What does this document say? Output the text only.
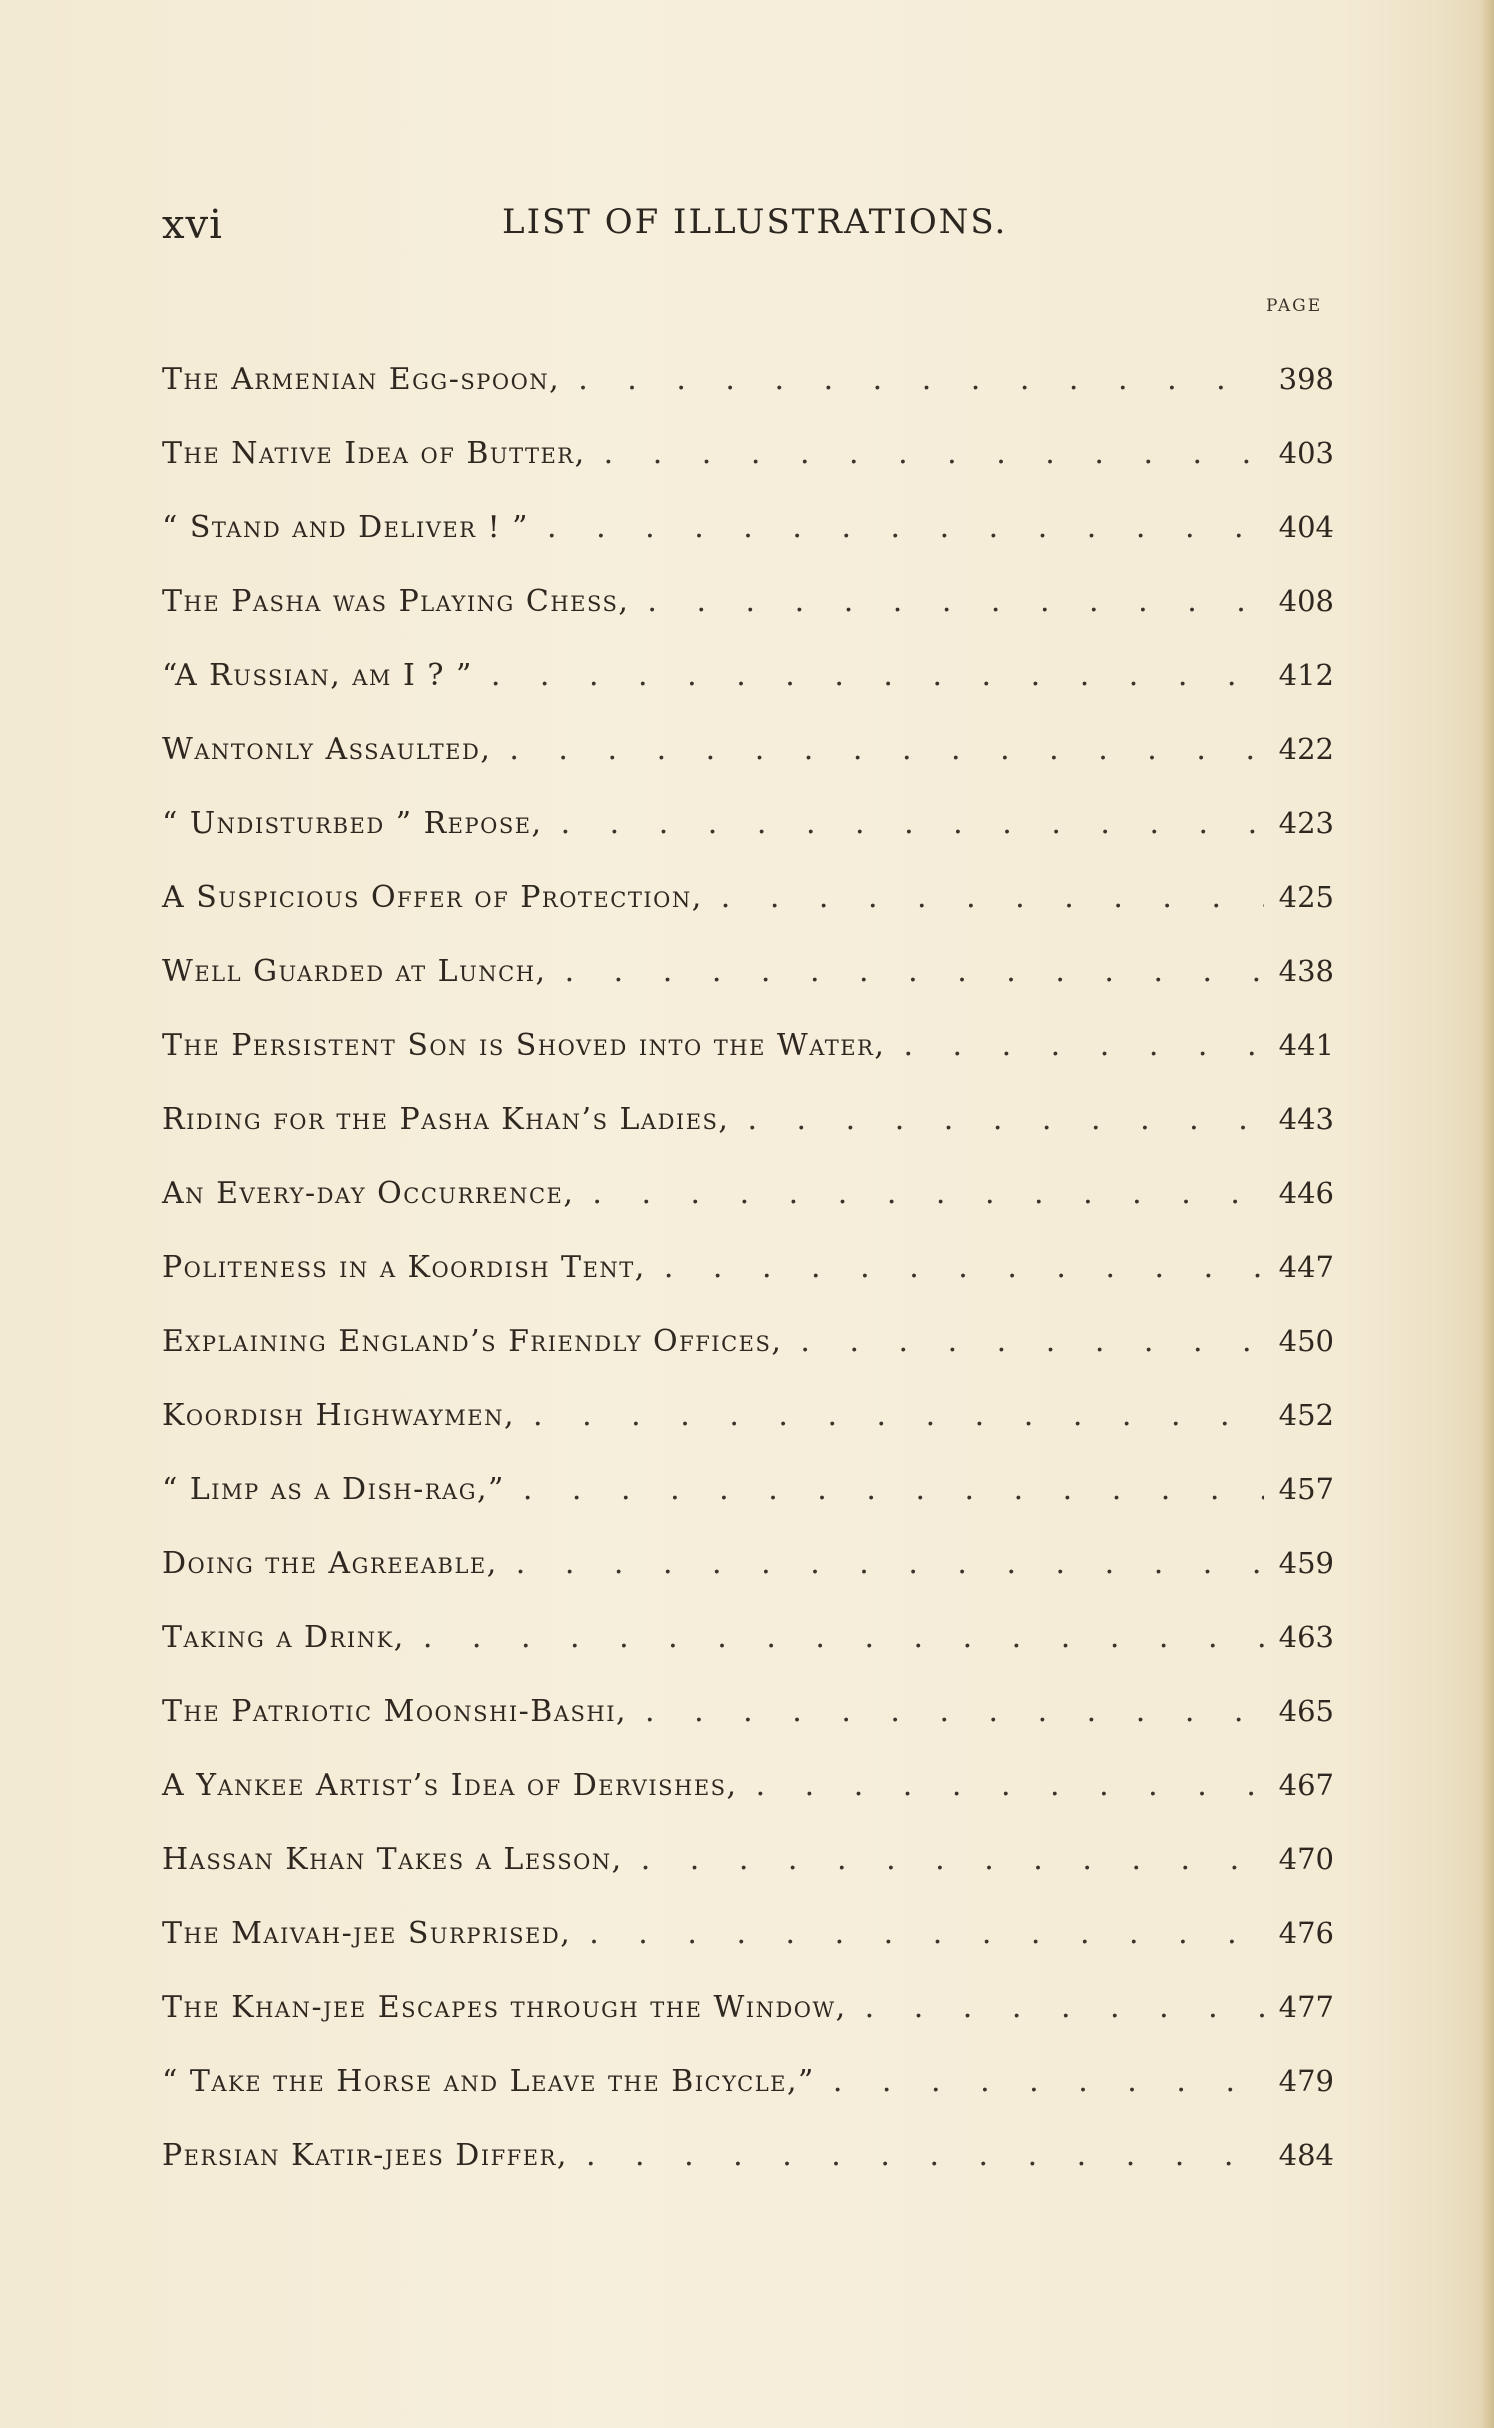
xvi	LIST OF ILLUSTRATIONS.
PAGE
The Armenian Egg-spoon, . . .	398
The Native Idea of Butter, . . .	403
“ Stand and Deliver ! ” . . .	404
The Pasha was Playing Chess, . . .	408
“A Russian, am I ? ” . . .	412
Wantonly Assaulted, . . .	422
“ Undisturbed ” Repose, . . .	423
A Suspicious Offer of Protection, . . .	425
Well Guarded at Lunch, . . .	438
The Persistent Son is Shoved into the Water, . . .	441
Riding for the Pasha Khan’s Ladies, . . .	443
An Every-day Occurrence, . . .	446
Politeness in a Koordish Tent, . . .	447
Explaining England’s Friendly Offices, . . .	450
Koordish Highwaymen, . . .	452
“ Limp as a Dish-rag,” . . .	457
Doing the Agreeable, . . .	459
Taking a Drink, . . .	463
The Patriotic Moonshi-Bashi, . . .	465
A Yankee Artist’s Idea of Dervishes, . . .	467
Hassan Khan Takes a Lesson, . . .	470
The Maivah-jee Surprised, . . .	476
The Khan-jee Escapes through the Window, . . .	477
“ Take the Horse and Leave the Bicycle,” . . .	479
Persian Katir-jees Differ, . . .	484
